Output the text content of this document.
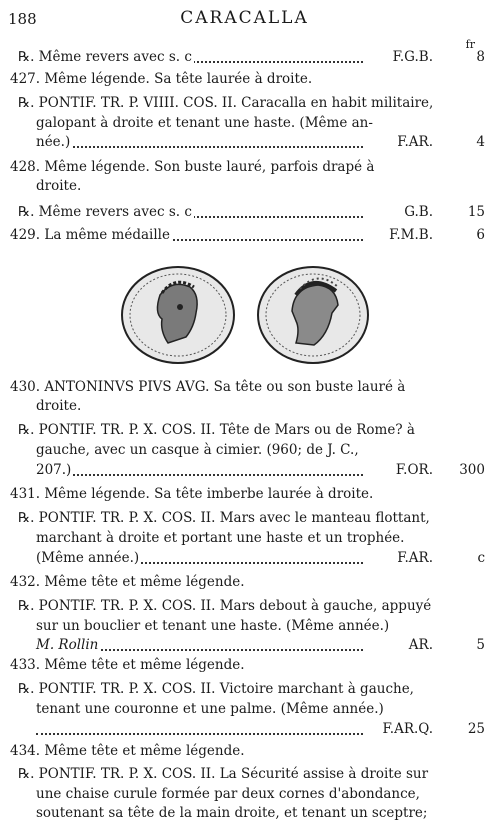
188	CARACALLA
fr
℞. Même revers avec s. c	F.G.B.	8
427. Même légende. Sa tête laurée à droite.
℞. PONTIF. TR. P. VIIII. COS. II. Caracalla en habit militaire,
galopant à droite et tenant une haste. (Même an-
née.)	F.AR.	4
428. Même légende. Son buste lauré, parfois drapé à
droite.
℞. Même revers avec s. c	G.B.	15
429. La même médaille	F.M.B.	6
430. ANTONINVS PIVS AVG. Sa tête ou son buste lauré à
droite.
℞. PONTIF. TR. P. X. COS. II. Tête de Mars ou de Rome? à
gauche, avec un casque à cimier. (960; de J. C.,
207.)	F.OR.	300
431. Même légende. Sa tête imberbe laurée à droite.
℞. PONTIF. TR. P. X. COS. II. Mars avec le manteau flottant,
marchant à droite et portant une haste et un trophée.
(Même année.)	F.AR.	c
432. Même tête et même légende.
℞. PONTIF. TR. P. X. COS. II. Mars debout à gauche, appuyé
sur un bouclier et tenant une haste. (Même année.)
M. Rollin	AR.	5
433. Même tête et même légende.
℞. PONTIF. TR. P. X. COS. II. Victoire marchant à gauche,
tenant une couronne et une palme. (Même année.)
F.AR.Q.	25
434. Même tête et même légende.
℞. PONTIF. TR. P. X. COS. II. La Sécurité assise à droite sur
une chaise curule formée par deux cornes d'abondance,
soutenant sa tête de la main droite, et tenant un sceptre;
